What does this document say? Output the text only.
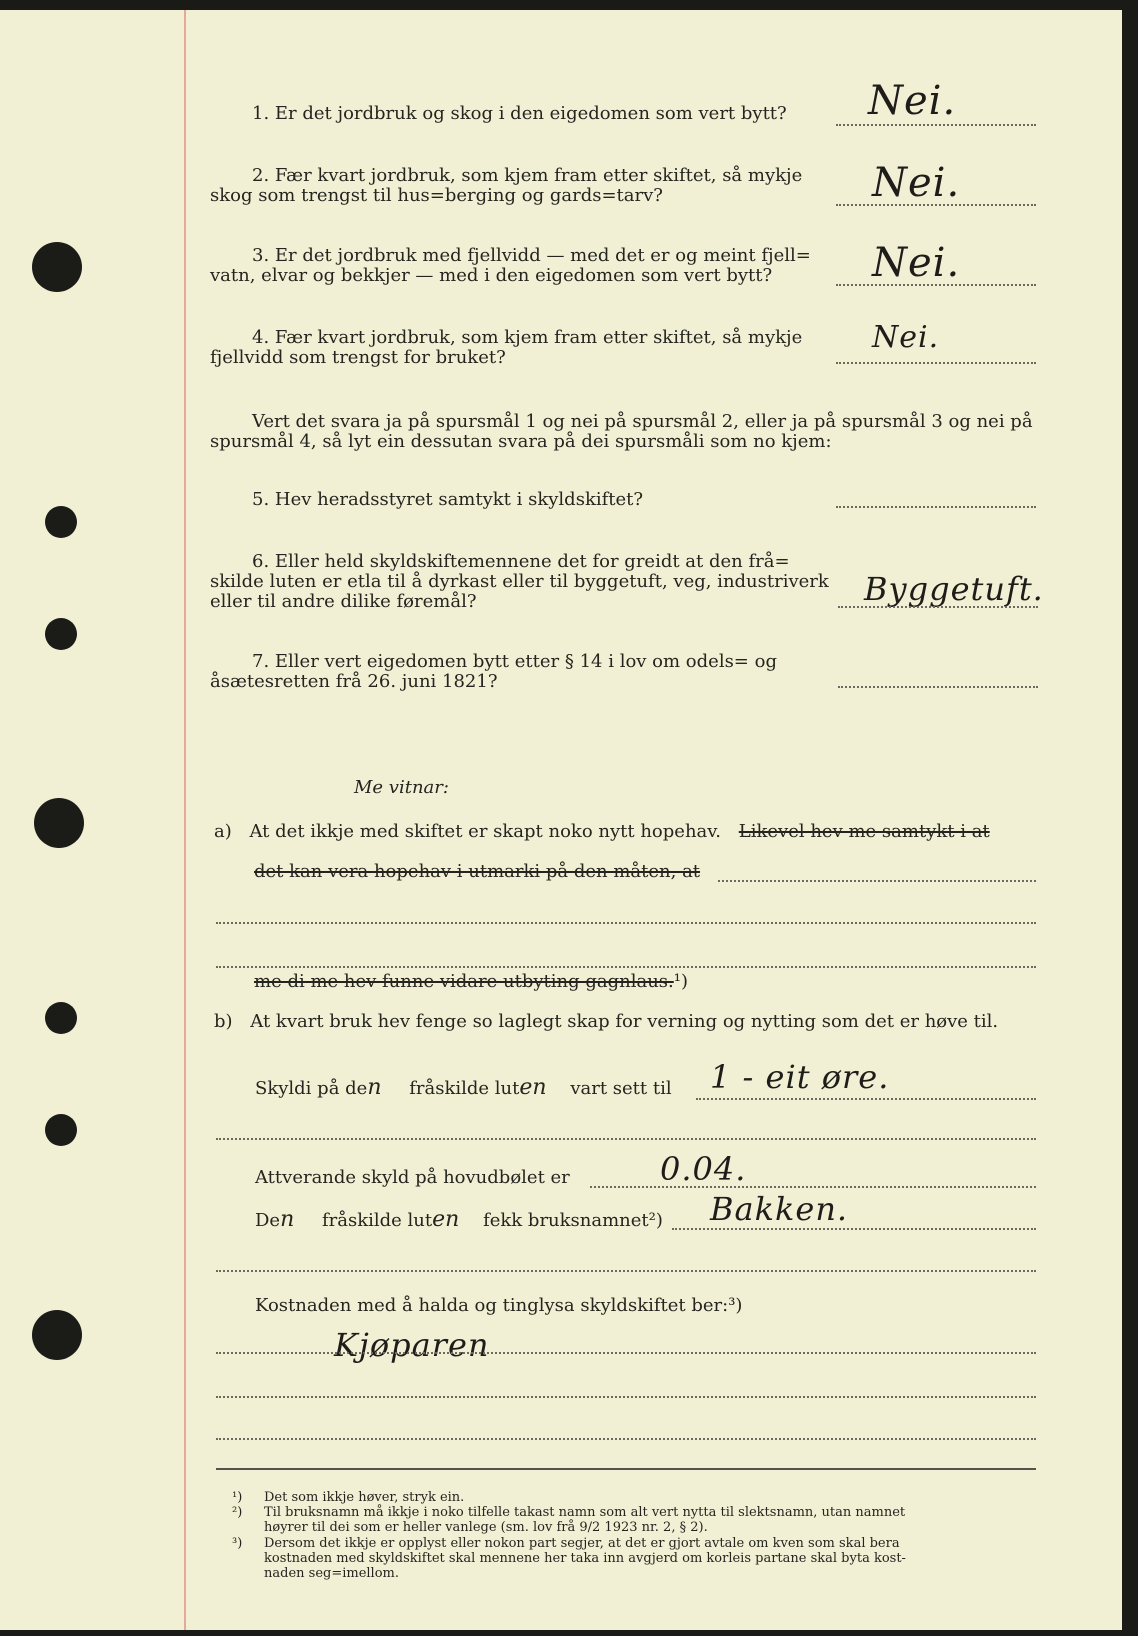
1. Er det jordbruk og skog i den eigedomen som vert bytt? Nei.
2. Fær kvart jordbruk, som kjem fram etter skiftet, så mykje
skog som trengst til hus=berging og gards=tarv?	Nei.
3. Er det jordbruk med fjellvidd — med det er og meint fjell=
vatn, elvar og bekkjer — med i den eigedomen som vert bytt?	Nei.
4. Fær kvart jordbruk, som kjem fram etter skiftet, så mykje
fjellvidd som trengst for bruket?
Nei.
Vert det svara ja på spursmål 1 og nei på spursmål 2, eller ja på spursmål 3 og nei på
spursmål 4, så lyt ein dessutan svara på dei spursmåli som no kjem:
5. Hev heradsstyret samtykt i skyldskiftet?
6. Eller held skyldskiftemennene det for greidt at den frå=
skilde luten er etla til å dyrkast eller til byggetuft, veg, industriverk
eller til andre dilike føremål?	Byggetuft.
7. Eller vert eigedomen bytt etter § 14 i lov om odels= og
åsætesretten frå 26. juni 1821?
Me vitnar:
a) At det ikkje med skiftet er skapt noko nytt hopehav. Likevel hev me samtykt i at
det kan vera hopehav i utmarki på den måten, at
me di me hev funne vidare utbyting gagnlaus.¹)
b) At kvart bruk hev fenge so laglegt skap for verning og nytting som det er høve til.
Skyldi på den fråskilde luten vart sett til 1 - eit øre.
Attverande skyld på hovudbølet er	0.04.
Den fråskilde luten fekk bruksnamnet²) Bakken.
Kostnaden med å halda og tinglysa skyldskiftet ber:³)
Kjøparen
¹) Det som ikkje høver, stryk ein.
²) Til bruksnamn må ikkje i noko tilfelle takast namn som alt vert nytta til slektsnamn, utan namnet
høyrer til dei som er heller vanlege (sm. lov frå 9/2 1923 nr. 2, § 2).
³) Dersom det ikkje er opplyst eller nokon part segjer, at det er gjort avtale om kven som skal bera
kostnaden med skyldskiftet skal mennene her taka inn avgjerd om korleis partane skal byta kost-
naden seg=imellom.
